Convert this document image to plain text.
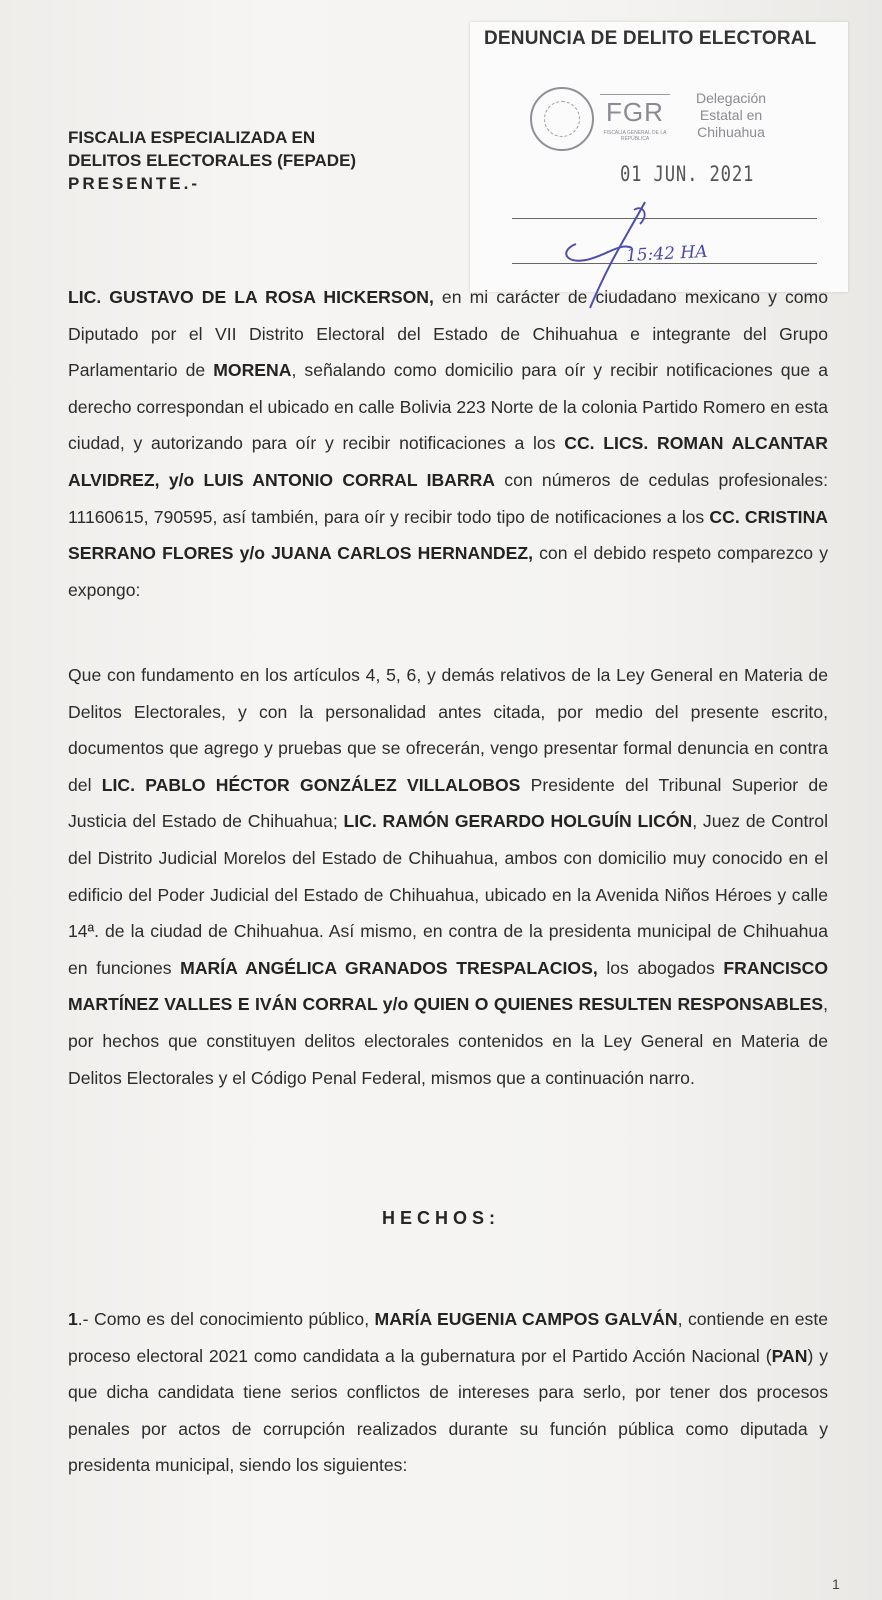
FISCALIA ESPECIALIZADA EN
DELITOS ELECTORALES (FEPADE)
PRESENTE.-
DENUNCIA DE DELITO ELECTORAL
FGR
FISCALÍA GENERAL DE LA REPÚBLICA
Delegación
Estatal en
Chihuahua
01 JUN. 2021
15:42 HA
LIC. GUSTAVO DE LA ROSA HICKERSON, en mi carácter de ciudadano mexicano y como Diputado por el VII Distrito Electoral del Estado de Chihuahua e integrante del Grupo Parlamentario de MORENA, señalando como domicilio para oír y recibir notificaciones que a derecho correspondan el ubicado en calle Bolivia 223 Norte de la colonia Partido Romero en esta ciudad, y autorizando para oír y recibir notificaciones a los CC. LICS. ROMAN ALCANTAR ALVIDREZ, y/o LUIS ANTONIO CORRAL IBARRA con números de cedulas profesionales: 11160615, 790595, así también, para oír y recibir todo tipo de notificaciones a los CC. CRISTINA SERRANO FLORES y/o JUANA CARLOS HERNANDEZ, con el debido respeto comparezco y expongo:
Que con fundamento en los artículos 4, 5, 6, y demás relativos de la Ley General en Materia de Delitos Electorales, y con la personalidad antes citada, por medio del presente escrito, documentos que agrego y pruebas que se ofrecerán, vengo presentar formal denuncia en contra del LIC. PABLO HÉCTOR GONZÁLEZ VILLALOBOS Presidente del Tribunal Superior de Justicia del Estado de Chihuahua; LIC. RAMÓN GERARDO HOLGUÍN LICÓN, Juez de Control del Distrito Judicial Morelos del Estado de Chihuahua, ambos con domicilio muy conocido en el edificio del Poder Judicial del Estado de Chihuahua, ubicado en la Avenida Niños Héroes y calle 14ª. de la ciudad de Chihuahua. Así mismo, en contra de la presidenta municipal de Chihuahua en funciones MARÍA ANGÉLICA GRANADOS TRESPALACIOS, los abogados FRANCISCO MARTÍNEZ VALLES E IVÁN CORRAL y/o QUIEN O QUIENES RESULTEN RESPONSABLES, por hechos que constituyen delitos electorales contenidos en la Ley General en Materia de Delitos Electorales y el Código Penal Federal, mismos que a continuación narro.
HECHOS:
1.- Como es del conocimiento público, MARÍA EUGENIA CAMPOS GALVÁN, contiende en este proceso electoral 2021 como candidata a la gubernatura por el Partido Acción Nacional (PAN) y que dicha candidata tiene serios conflictos de intereses para serlo, por tener dos procesos penales por actos de corrupción realizados durante su función pública como diputada y presidenta municipal, siendo los siguientes:
1
